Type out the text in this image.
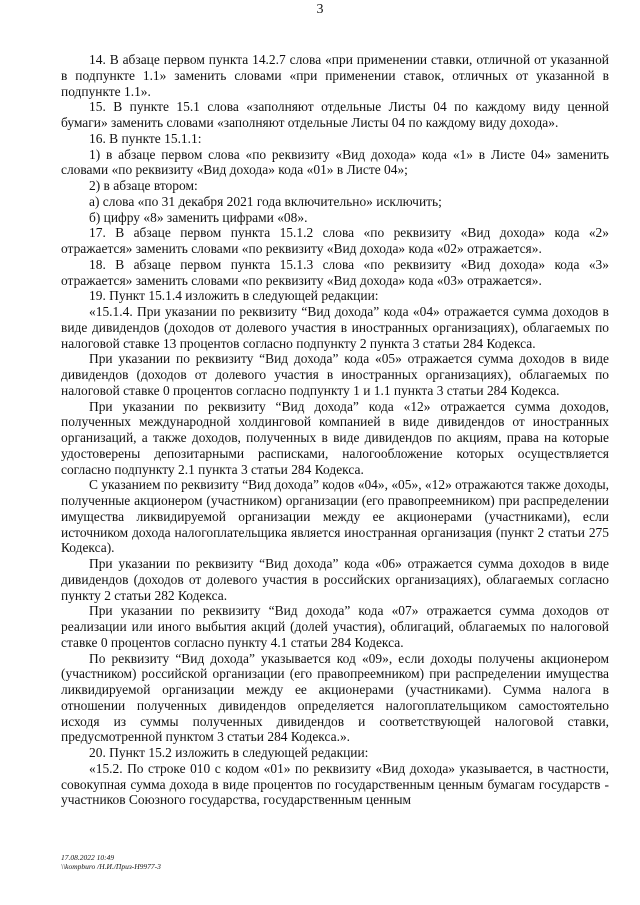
3

14. В абзаце первом пункта 14.2.7 слова «при применении ставки, отличной от указанной в подпункте 1.1» заменить словами «при применении ставок, отличных от указанной в подпункте 1.1».

15. В пункте 15.1 слова «заполняют отдельные Листы 04 по каждому виду ценной бумаги» заменить словами «заполняют отдельные Листы 04 по каждому виду дохода».

16. В пункте 15.1.1:

1) в абзаце первом слова «по реквизиту «Вид дохода» кода «1» в Листе 04» заменить словами «по реквизиту «Вид дохода» кода «01» в Листе 04»;

2) в абзаце втором:

а) слова «по 31 декабря 2021 года включительно» исключить;

б) цифру «8» заменить цифрами «08».

17. В абзаце первом пункта 15.1.2 слова «по реквизиту «Вид дохода» кода «2» отражается» заменить словами «по реквизиту «Вид дохода» кода «02» отражается».

18. В абзаце первом пункта 15.1.3 слова «по реквизиту «Вид дохода» кода «3» отражается» заменить словами «по реквизиту «Вид дохода» кода «03» отражается».

19. Пункт 15.1.4 изложить в следующей редакции:

«15.1.4. При указании по реквизиту “Вид дохода” кода «04» отражается сумма доходов в виде дивидендов (доходов от долевого участия в иностранных организациях), облагаемых по налоговой ставке 13 процентов согласно подпункту 2 пункта 3 статьи 284 Кодекса.

При указании по реквизиту “Вид дохода” кода «05» отражается сумма доходов в виде дивидендов (доходов от долевого участия в иностранных организациях), облагаемых по налоговой ставке 0 процентов согласно подпункту 1 и 1.1 пункта 3 статьи 284 Кодекса.

При указании по реквизиту “Вид дохода” кода «12» отражается сумма доходов, полученных международной холдинговой компанией в виде дивидендов от иностранных организаций, а также доходов, полученных в виде дивидендов по акциям, права на которые удостоверены депозитарными расписками, налогообложение которых осуществляется согласно подпункту 2.1 пункта 3 статьи 284 Кодекса.

С указанием по реквизиту “Вид дохода” кодов «04», «05», «12» отражаются также доходы, полученные акционером (участником) организации (его правопреемником) при распределении имущества ликвидируемой организации между ее акционерами (участниками), если источником дохода налогоплательщика является иностранная организация (пункт 2 статьи 275 Кодекса).

При указании по реквизиту “Вид дохода” кода «06» отражается сумма доходов в виде дивидендов (доходов от долевого участия в российских организациях), облагаемых согласно пункту 2 статьи 282 Кодекса.

При указании по реквизиту “Вид дохода” кода «07» отражается сумма доходов от реализации или иного выбытия акций (долей участия), облигаций, облагаемых по налоговой ставке 0 процентов согласно пункту 4.1 статьи 284 Кодекса.

По реквизиту “Вид дохода” указывается код «09», если доходы получены акционером (участником) российской организации (его правопреемником) при распределении имущества ликвидируемой организации между ее акционерами (участниками). Сумма налога в отношении полученных дивидендов определяется налогоплательщиком самостоятельно исходя из суммы полученных дивидендов и соответствующей налоговой ставки, предусмотренной пунктом 3 статьи 284 Кодекса.».

20. Пункт 15.2 изложить в следующей редакции:

«15.2. По строке 010 с кодом «01» по реквизиту «Вид дохода» указывается, в частности, совокупная сумма дохода в виде процентов по государственным ценным бумагам государств - участников Союзного государства, государственным ценным

17.08.2022 10:49
\\kompburo /Н.И./Приз-Н9977-3
